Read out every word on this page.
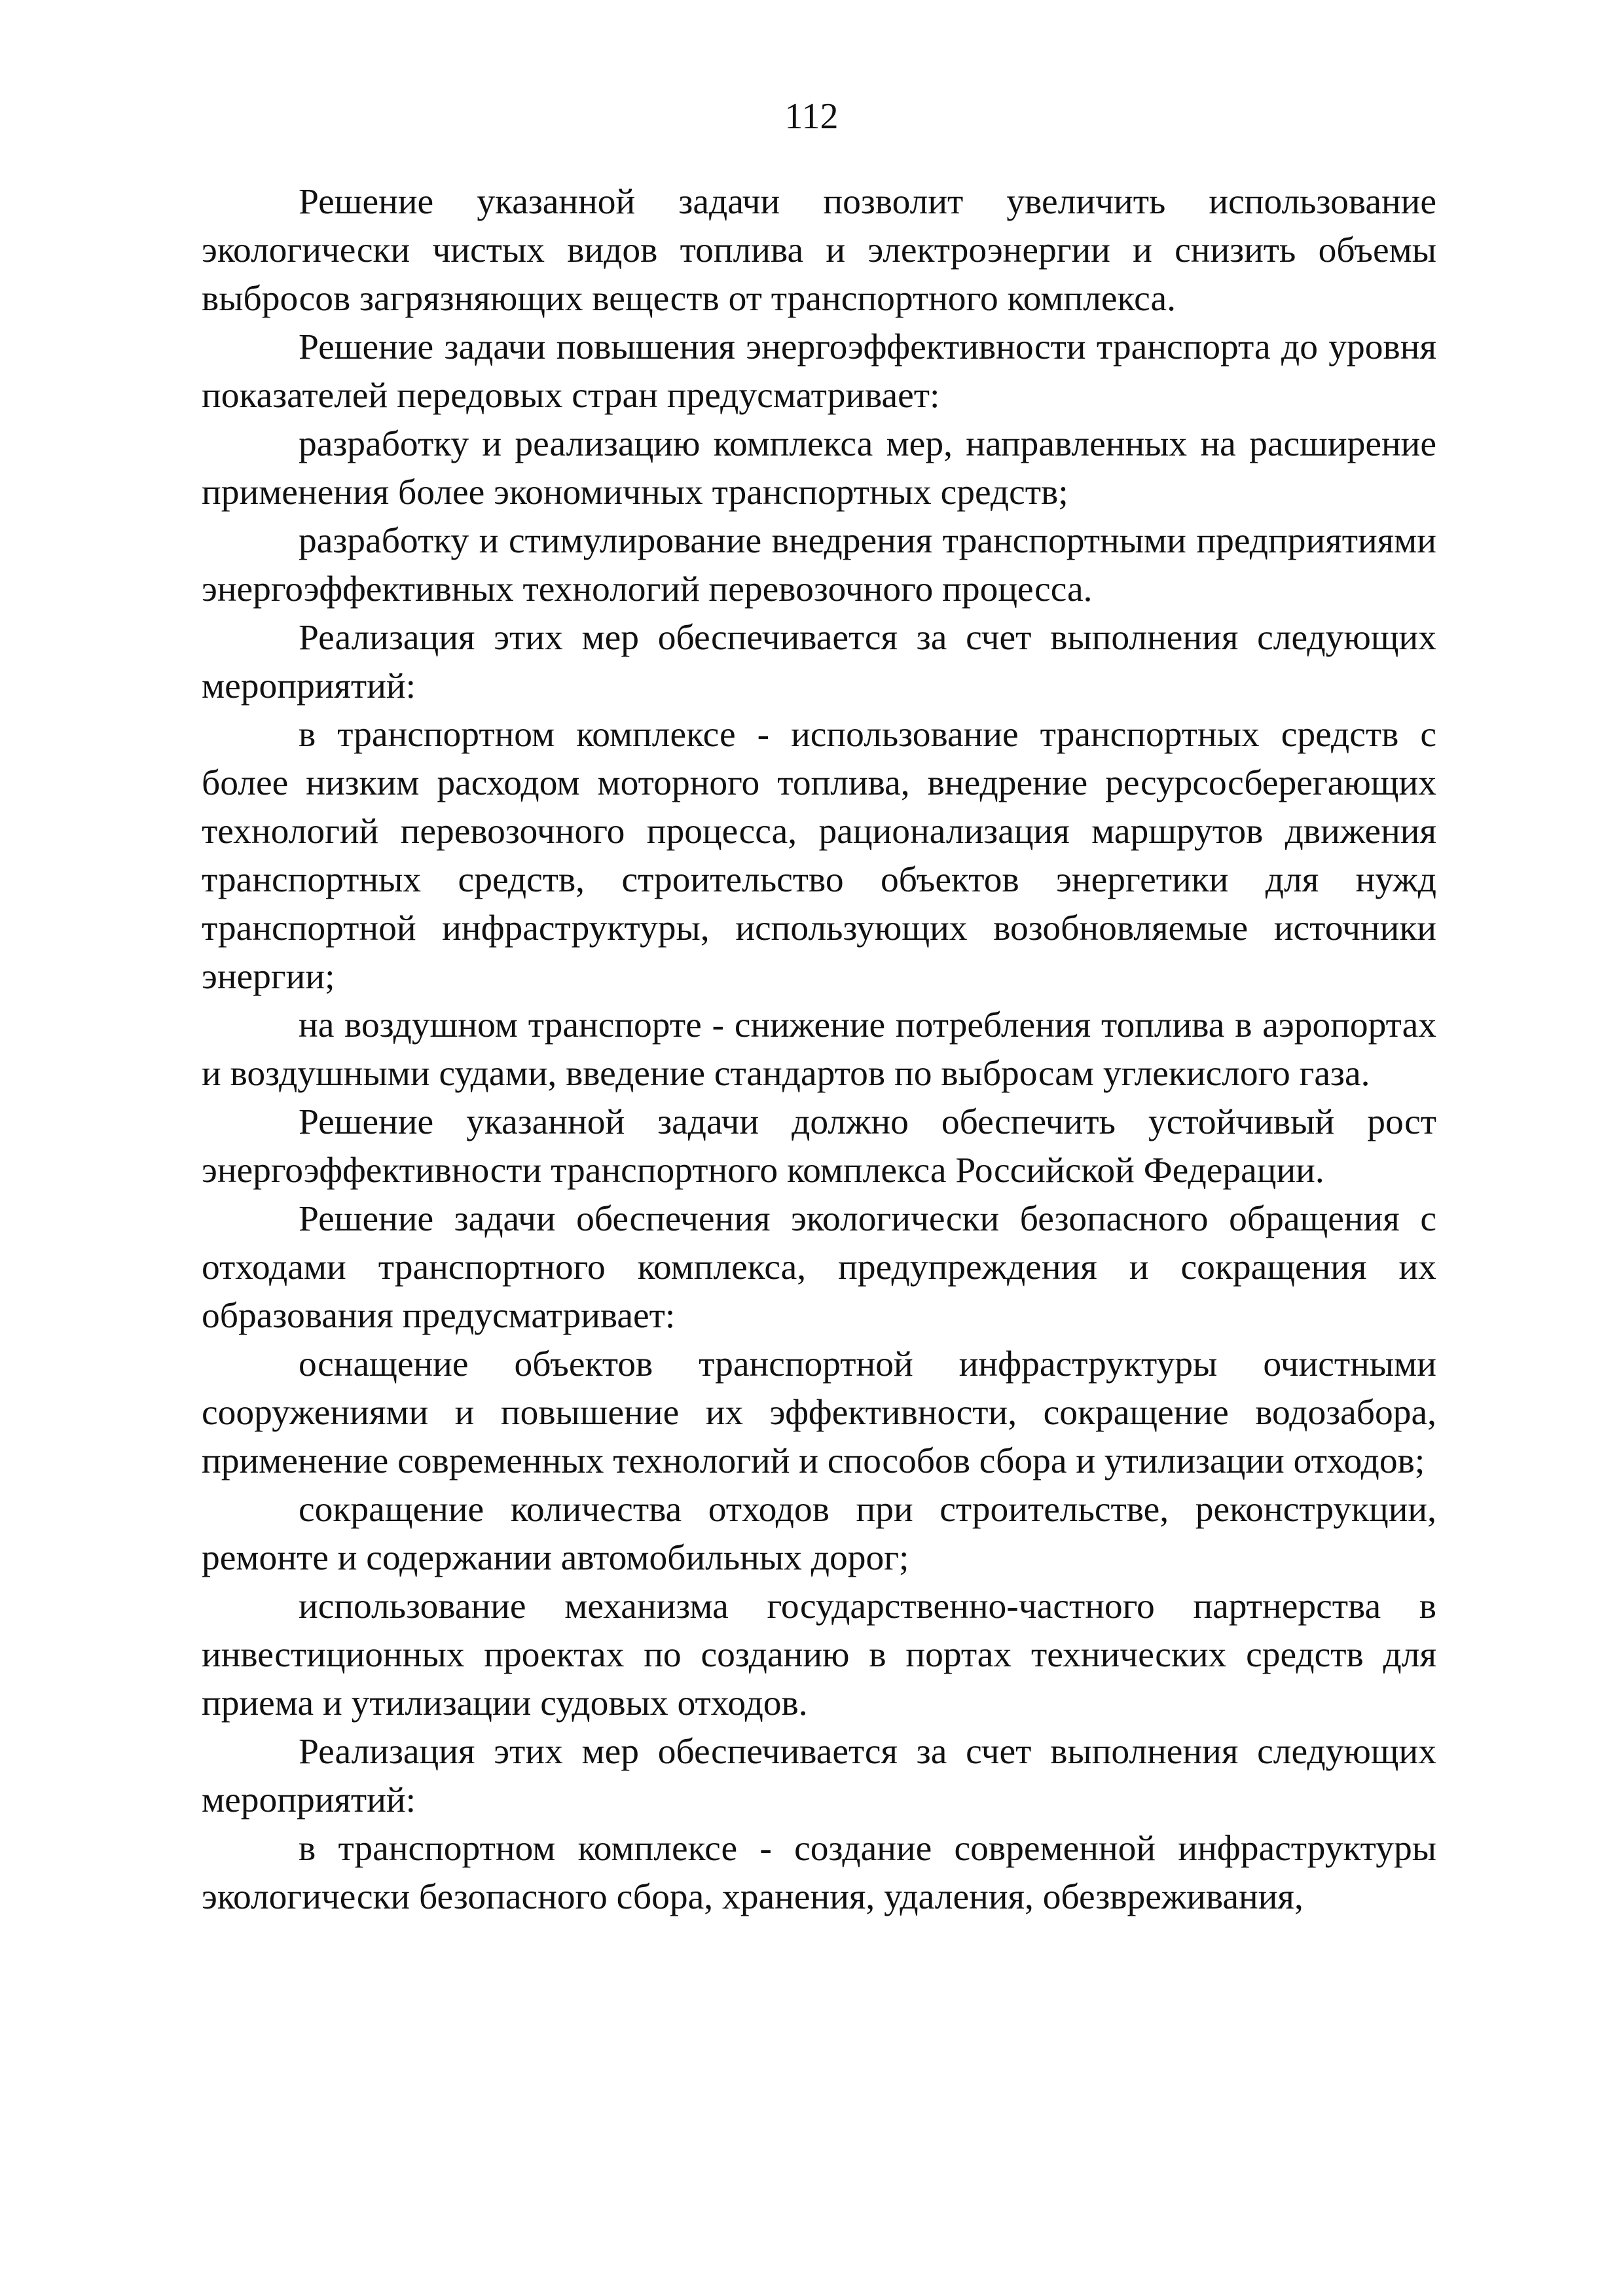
112

Решение указанной задачи позволит увеличить использование экологически чистых видов топлива и электроэнергии и снизить объемы выбросов загрязняющих веществ от транспортного комплекса.

Решение задачи повышения энергоэффективности транспорта до уровня показателей передовых стран предусматривает:

разработку и реализацию комплекса мер, направленных на расширение применения более экономичных транспортных средств;

разработку и стимулирование внедрения транспортными предприятиями энергоэффективных технологий перевозочного процесса.

Реализация этих мер обеспечивается за счет выполнения следующих мероприятий:

в транспортном комплексе - использование транспортных средств с более низким расходом моторного топлива, внедрение ресурсосберегающих технологий перевозочного процесса, рационализация маршрутов движения транспортных средств, строительство объектов энергетики для нужд транспортной инфраструктуры, использующих возобновляемые источники энергии;

на воздушном транспорте - снижение потребления топлива в аэропортах и воздушными судами, введение стандартов по выбросам углекислого газа.

Решение указанной задачи должно обеспечить устойчивый рост энергоэффективности транспортного комплекса Российской Федерации.

Решение задачи обеспечения экологически безопасного обращения с отходами транспортного комплекса, предупреждения и сокращения их образования предусматривает:

оснащение объектов транспортной инфраструктуры очистными сооружениями и повышение их эффективности, сокращение водозабора, применение современных технологий и способов сбора и утилизации отходов;

сокращение количества отходов при строительстве, реконструкции, ремонте и содержании автомобильных дорог;

использование механизма государственно-частного партнерства в инвестиционных проектах по созданию в портах технических средств для приема и утилизации судовых отходов.

Реализация этих мер обеспечивается за счет выполнения следующих мероприятий:

в транспортном комплексе - создание современной инфраструктуры экологически безопасного сбора, хранения, удаления, обезвреживания,
